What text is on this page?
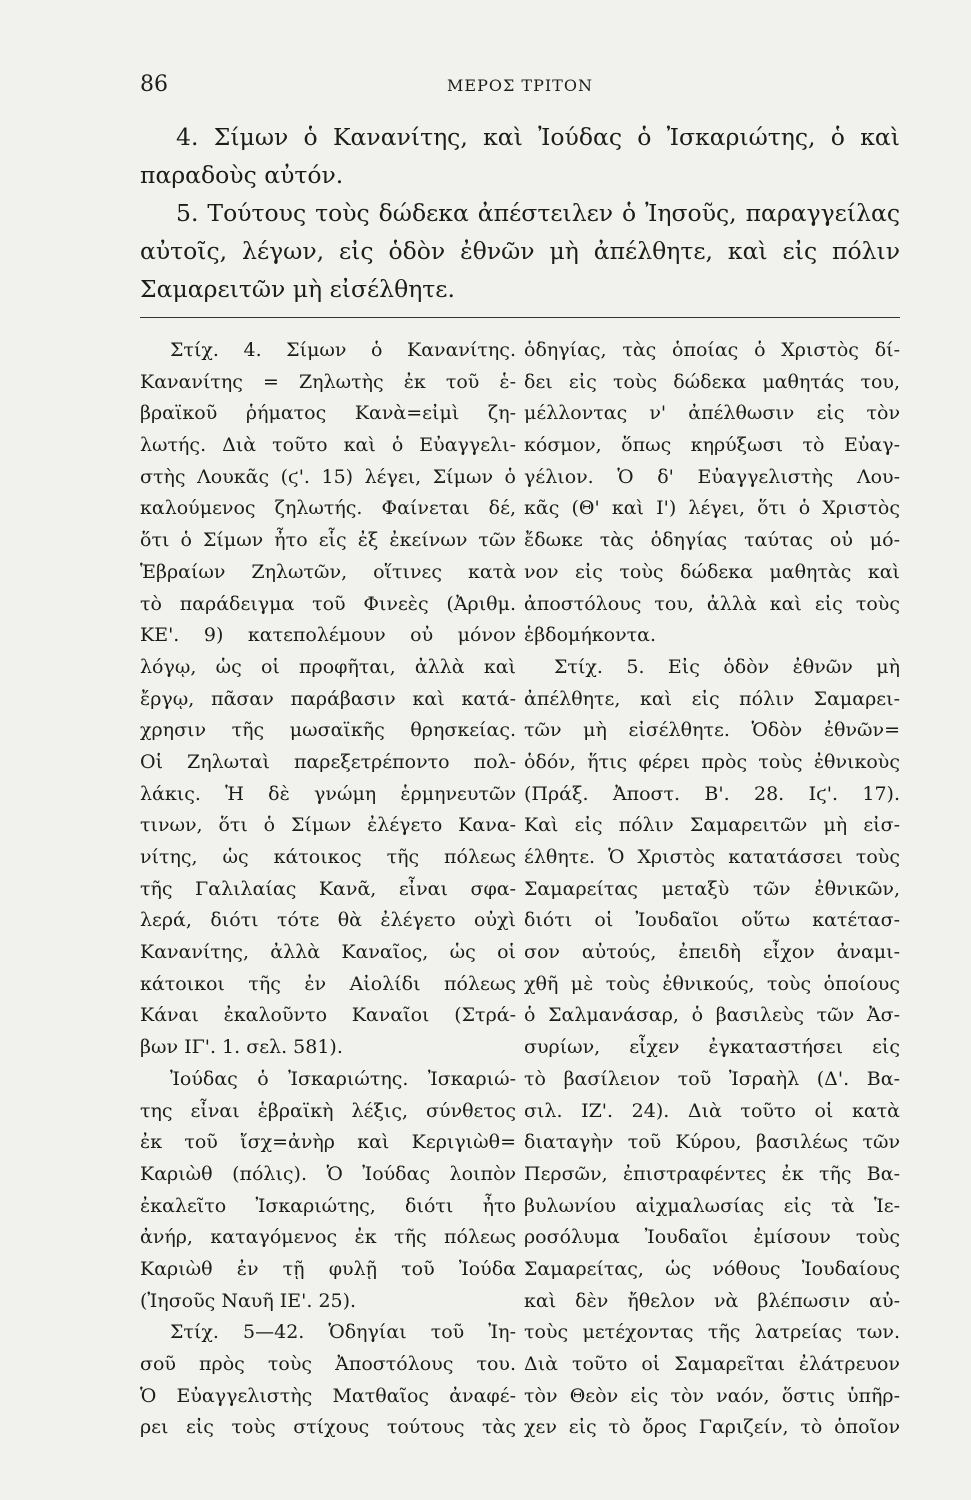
86	ΜΕΡΟΣ ΤΡΙΤΟΝ

4. Σίμων ὁ Κανανίτης, καὶ Ἰούδας ὁ Ἰσκαριώτης, ὁ καὶ παραδοὺς αὐτόν.

5. Τούτους τοὺς δώδεκα ἀπέστειλεν ὁ Ἰησοῦς, παραγγείλας αὐτοῖς, λέγων, εἰς ὁδὸν ἐθνῶν μὴ ἀπέλθητε, καὶ εἰς πόλιν Σαμαρειτῶν μὴ εἰσέλθητε.

Στίχ. 4. Σίμων ὁ Κανανίτης.
Κανανίτης = Ζηλωτὴς ἐκ τοῦ ἑ-
βραϊκοῦ ῥήματος Κανὰ=εἰμὶ ζη-
λωτής. Διὰ τοῦτο καὶ ὁ Εὐαγγελι-
στὴς Λουκᾶς (ϛ'. 15) λέγει, Σίμων ὁ
καλούμενος ζηλωτής. Φαίνεται δέ,
ὅτι ὁ Σίμων ἦτο εἷς ἐξ ἐκείνων τῶν
Ἑβραίων Ζηλωτῶν, οἵτινες κατὰ
τὸ παράδειγμα τοῦ Φινεὲς (Ἀριθμ.
ΚΕ'. 9) κατεπολέμουν οὐ μόνον
λόγῳ, ὡς οἱ προφῆται, ἀλλὰ καὶ
ἔργῳ, πᾶσαν παράβασιν καὶ κατά-
χρησιν τῆς μωσαϊκῆς θρησκείας.
Οἱ Ζηλωταὶ παρεξετρέποντο πολ-
λάκις. Ἡ δὲ γνώμη ἑρμηνευτῶν
τινων, ὅτι ὁ Σίμων ἐλέγετο Κανα-
νίτης, ὡς κάτοικος τῆς πόλεως
τῆς Γαλιλαίας Κανᾶ, εἶναι σφα-
λερά, διότι τότε θὰ ἐλέγετο οὐχὶ
Κανανίτης, ἀλλὰ Καναῖος, ὡς οἱ
κάτοικοι τῆς ἐν Αἰολίδι πόλεως
Κάναι ἐκαλοῦντο Καναῖοι (Στρά-
βων ΙΓ'. 1. σελ. 581).
Ἰούδας ὁ Ἰσκαριώτης. Ἰσκαριώ-
της εἶναι ἑβραϊκὴ λέξις, σύνθετος
ἐκ τοῦ ἴσχ=ἀνὴρ καὶ Κεριγιὼθ=
Καριὼθ (πόλις). Ὁ Ἰούδας λοιπὸν
ἐκαλεῖτο Ἰσκαριώτης, διότι ἦτο
ἀνήρ, καταγόμενος ἐκ τῆς πόλεως
Καριὼθ ἐν τῇ φυλῇ τοῦ Ἰούδα
(Ἰησοῦς Ναυῆ ΙΕ'. 25).
Στίχ. 5—42. Ὁδηγίαι τοῦ Ἰη-
σοῦ πρὸς τοὺς Ἀποστόλους του.
Ὁ Εὐαγγελιστὴς Ματθαῖος ἀναφέ-
ρει εἰς τοὺς στίχους τούτους τὰς
ὁδηγίας, τὰς ὁποίας ὁ Χριστὸς δί-
δει εἰς τοὺς δώδεκα μαθητάς του,
μέλλοντας ν' ἀπέλθωσιν εἰς τὸν
κόσμον, ὅπως κηρύξωσι τὸ Εὐαγ-
γέλιον. Ὁ δ' Εὐαγγελιστὴς Λου-
κᾶς (Θ' καὶ Ι') λέγει, ὅτι ὁ Χριστὸς
ἔδωκε τὰς ὁδηγίας ταύτας οὐ μό-
νον εἰς τοὺς δώδεκα μαθητὰς καὶ
ἀποστόλους του, ἀλλὰ καὶ εἰς τοὺς
ἑβδομήκοντα.
Στίχ. 5. Εἰς ὁδὸν ἐθνῶν μὴ
ἀπέλθητε, καὶ εἰς πόλιν Σαμαρει-
τῶν μὴ εἰσέλθητε. Ὁδὸν ἐθνῶν=
ὁδόν, ἥτις φέρει πρὸς τοὺς ἐθνικοὺς
(Πράξ. Ἀποστ. Β'. 28. Iϛ'. 17).
Καὶ εἰς πόλιν Σαμαρειτῶν μὴ εἰσ-
έλθητε. Ὁ Χριστὸς κατατάσσει τοὺς
Σαμαρείτας μεταξὺ τῶν ἐθνικῶν,
διότι οἱ Ἰουδαῖοι οὕτω κατέτασ-
σον αὐτούς, ἐπειδὴ εἶχον ἀναμι-
χθῆ μὲ τοὺς ἐθνικούς, τοὺς ὁποίους
ὁ Σαλμανάσαρ, ὁ βασιλεὺς τῶν Ἀσ-
συρίων, εἶχεν ἐγκαταστήσει εἰς
τὸ βασίλειον τοῦ Ἰσραὴλ (Δ'. Βα-
σιλ. ΙΖ'. 24). Διὰ τοῦτο οἱ κατὰ
διαταγὴν τοῦ Κύρου, βασιλέως τῶν
Περσῶν, ἐπιστραφέντες ἐκ τῆς Βα-
βυλωνίου αἰχμαλωσίας εἰς τὰ Ἱε-
ροσόλυμα Ἰουδαῖοι ἐμίσουν τοὺς
Σαμαρείτας, ὡς νόθους Ἰουδαίους
καὶ δὲν ἤθελον νὰ βλέπωσιν αὐ-
τοὺς μετέχοντας τῆς λατρείας των.
Διὰ τοῦτο οἱ Σαμαρεῖται ἐλάτρευον
τὸν Θεὸν εἰς τὸν ναόν, ὅστις ὑπῆρ-
χεν εἰς τὸ ὄρος Γαριζείν, τὸ ὁποῖον
